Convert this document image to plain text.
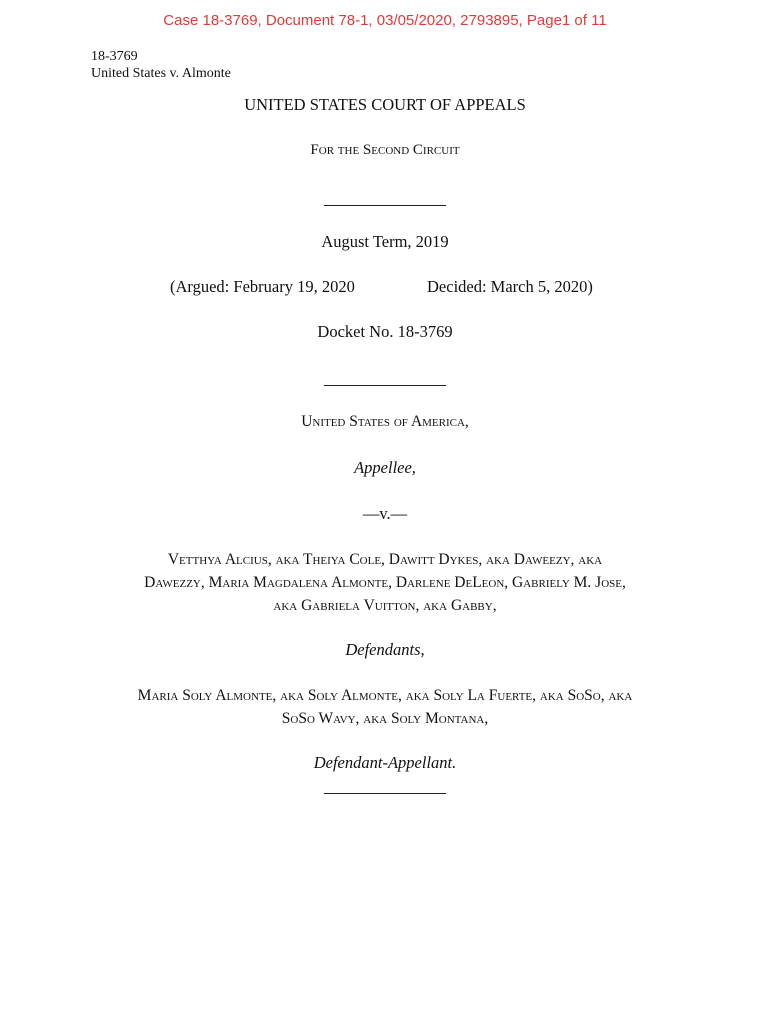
Case 18-3769, Document 78-1, 03/05/2020, 2793895, Page1 of 11
18-3769
United States v. Almonte
UNITED STATES COURT OF APPEALS
For the Second Circuit
August Term, 2019
(Argued: February 19, 2020	Decided: March 5, 2020)
Docket No. 18-3769
United States of America,
Appellee,
—v.—
Vetthya Alcius, aka Theiya Cole, Dawitt Dykes, aka Daweezy, aka
Dawezzy, Maria Magdalena Almonte, Darlene DeLeon, Gabriely M. Jose,
aka Gabriela Vuitton, aka Gabby,
Defendants,
Maria Soly Almonte, aka Soly Almonte, aka Soly La Fuerte, aka SoSo, aka
SoSo Wavy, aka Soly Montana,
Defendant-Appellant.
